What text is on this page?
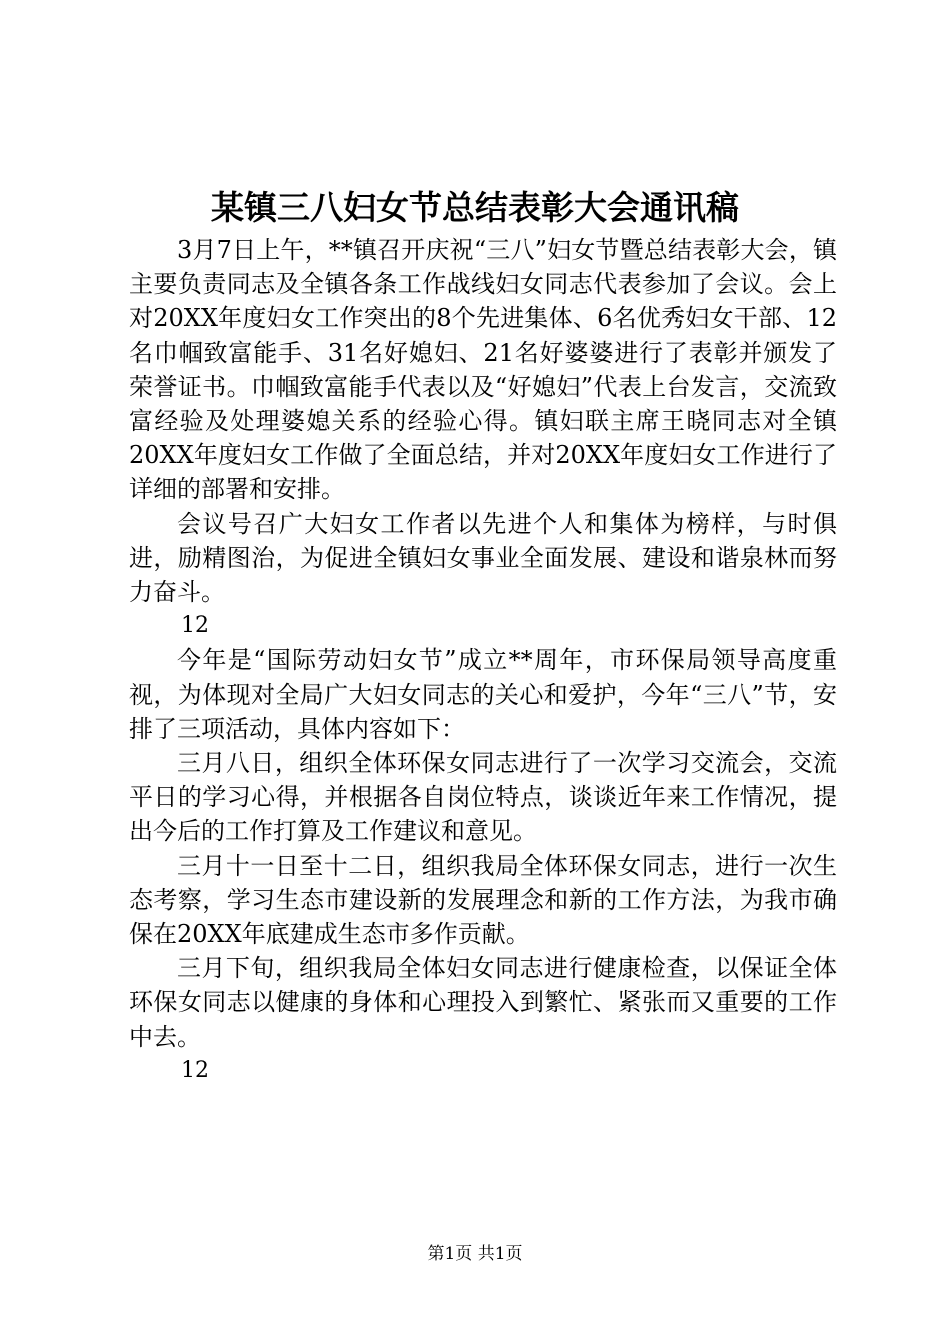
某镇三八妇女节总结表彰大会通讯稿

3月7日上午，**镇召开庆祝“三八”妇女节暨总结表彰大会，镇主要负责同志及全镇各条工作战线妇女同志代表参加了会议。会上对20XX年度妇女工作突出的8个先进集体、6名优秀妇女干部、12名巾帼致富能手、31名好媳妇、21名好婆婆进行了表彰并颁发了荣誉证书。巾帼致富能手代表以及“好媳妇”代表上台发言，交流致富经验及处理婆媳关系的经验心得。镇妇联主席王晓同志对全镇20XX年度妇女工作做了全面总结，并对20XX年度妇女工作进行了详细的部署和安排。

会议号召广大妇女工作者以先进个人和集体为榜样，与时俱进，励精图治，为促进全镇妇女事业全面发展、建设和谐泉林而努力奋斗。

12

今年是“国际劳动妇女节”成立**周年，市环保局领导高度重视，为体现对全局广大妇女同志的关心和爱护，今年“三八”节，安排了三项活动，具体内容如下：

三月八日，组织全体环保女同志进行了一次学习交流会，交流平日的学习心得，并根据各自岗位特点，谈谈近年来工作情况，提出今后的工作打算及工作建议和意见。

三月十一日至十二日，组织我局全体环保女同志，进行一次生态考察，学习生态市建设新的发展理念和新的工作方法，为我市确保在20XX年底建成生态市多作贡献。

三月下旬，组织我局全体妇女同志进行健康检查，以保证全体环保女同志以健康的身体和心理投入到繁忙、紧张而又重要的工作中去。

12

第1页 共1页
